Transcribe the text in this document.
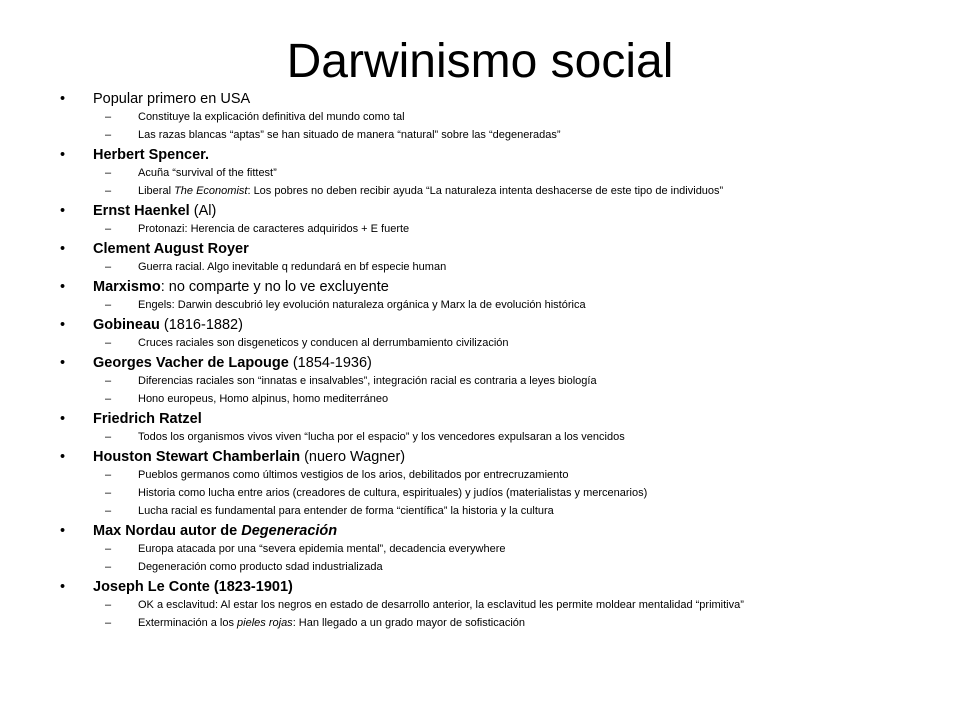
Darwinismo social
• Popular primero en USA
– Constituye la explicación definitiva del mundo como tal
– Las razas blancas “aptas” se han situado de manera “natural” sobre las “degeneradas”
• Herbert Spencer.
– Acuña “survival of the fittest”
– Liberal The Economist: Los pobres no deben recibir ayuda “La naturaleza intenta deshacerse de este tipo de individuos”
• Ernst Haenkel (Al)
– Protonazi: Herencia de caracteres adquiridos + E fuerte
• Clement August Royer
– Guerra racial. Algo inevitable q redundará en bf especie human
• Marxismo: no comparte y no lo ve excluyente
– Engels: Darwin descubrió ley evolución naturaleza orgánica y Marx la de evolución histórica
• Gobineau (1816-1882)
– Cruces raciales son disgeneticos y conducen al derrumbamiento civilización
• Georges Vacher de Lapouge (1854-1936)
– Diferencias raciales son “innatas e insalvables”, integración racial es contraria a leyes biología
– Hono europeus, Homo alpinus, homo mediterráneo
• Friedrich Ratzel
– Todos los organismos vivos viven “lucha por el espacio” y los vencedores expulsaran a los vencidos
• Houston Stewart Chamberlain (nuero Wagner)
– Pueblos germanos como últimos vestigios de los arios, debilitados por entrecruzamiento
– Historia como lucha entre arios (creadores de cultura, espirituales) y judíos (materialistas y mercenarios)
– Lucha racial es fundamental para entender de forma “científica” la historia y la cultura
• Max Nordau autor de Degeneración
– Europa atacada por una “severa epidemia mental”, decadencia everywhere
– Degeneración como producto sdad industrializada
• Joseph Le Conte (1823-1901)
– OK a esclavitud: Al estar los negros en estado de desarrollo anterior, la esclavitud les permite moldear mentalidad “primitiva”
– Exterminación a los pieles rojas: Han llegado a un grado mayor de sofisticación
